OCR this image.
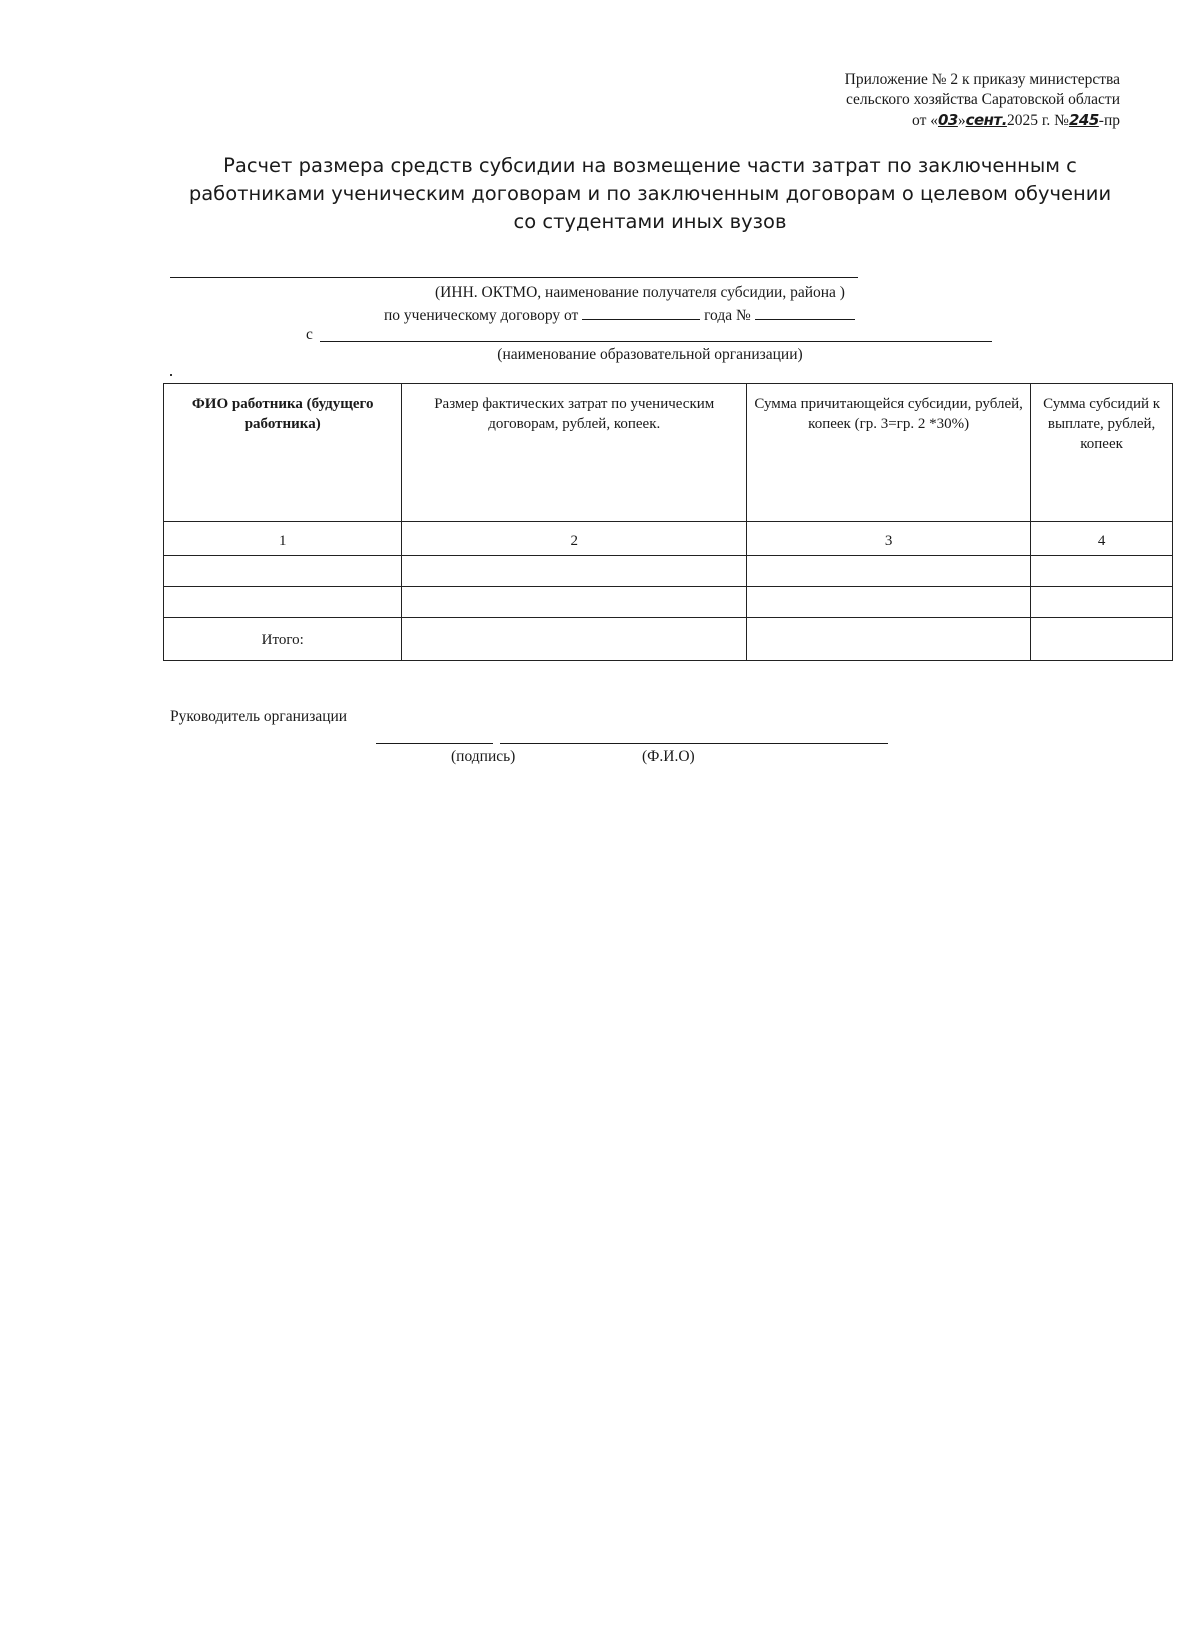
Приложение № 2 к приказу министерства
сельского хозяйства Саратовской области
от «03»сент.2025 г. №245-пр
Расчет размера средств субсидии на возмещение части затрат по заключенным с
работниками ученическим договорам и по заключенным договорам о целевом обучении
со студентами иных вузов
(ИНН. ОКТМО, наименование получателя субсидии, района )
по ученическому договору от	года №
с
(наименование образовательной организации)
ФИО работника (будущего работника)	Размер фактических затрат по ученическим договорам, рублей, копеек.	Сумма причитающейся субсидии, рублей, копеек (гр. 3=гр. 2 *30%)	Сумма субсидий к выплате, рублей, копеек
1	2	3	4

Итого:			
Руководитель организации
(подпись)	(Ф.И.О)
